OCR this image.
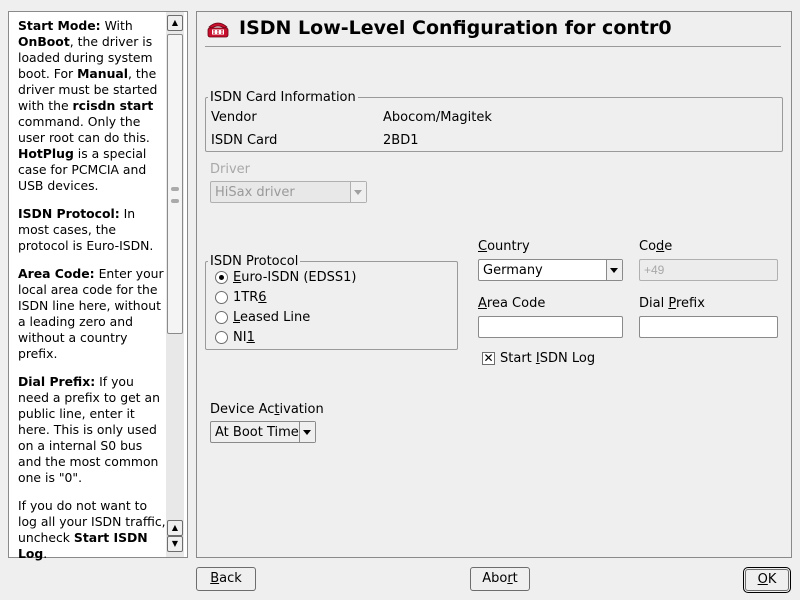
Start Mode: With OnBoot, the driver is loaded during system boot. For Manual, the driver must be started with the rcisdn start command. Only the user root can do this. HotPlug is a special case for PCMCIA and USB devices.

ISDN Protocol: In most cases, the protocol is Euro-ISDN.

Area Code: Enter your local area code for the ISDN line here, without a leading zero and without a country prefix.

Dial Prefix: If you need a prefix to get an public line, enter it here. This is only used on a internal S0 bus and the most common one is "0".

If you do not want to log all your ISDN traffic, uncheck Start ISDN Log.

▲
▲
▼
ISDN Low-Level Configuration for contr0
ISDN Card Information
Vendor	Abocom/Magitek
ISDN Card	2BD1
Driver
HiSax driver
ISDN Protocol
Euro-ISDN (EDSS1)
1TR6
Leased Line
NI1
Country
Germany
Code
+49
Area Code	Dial Prefix
✕ Start ISDN Log
Device Activation
At Boot Time
Back	Abort	OK
